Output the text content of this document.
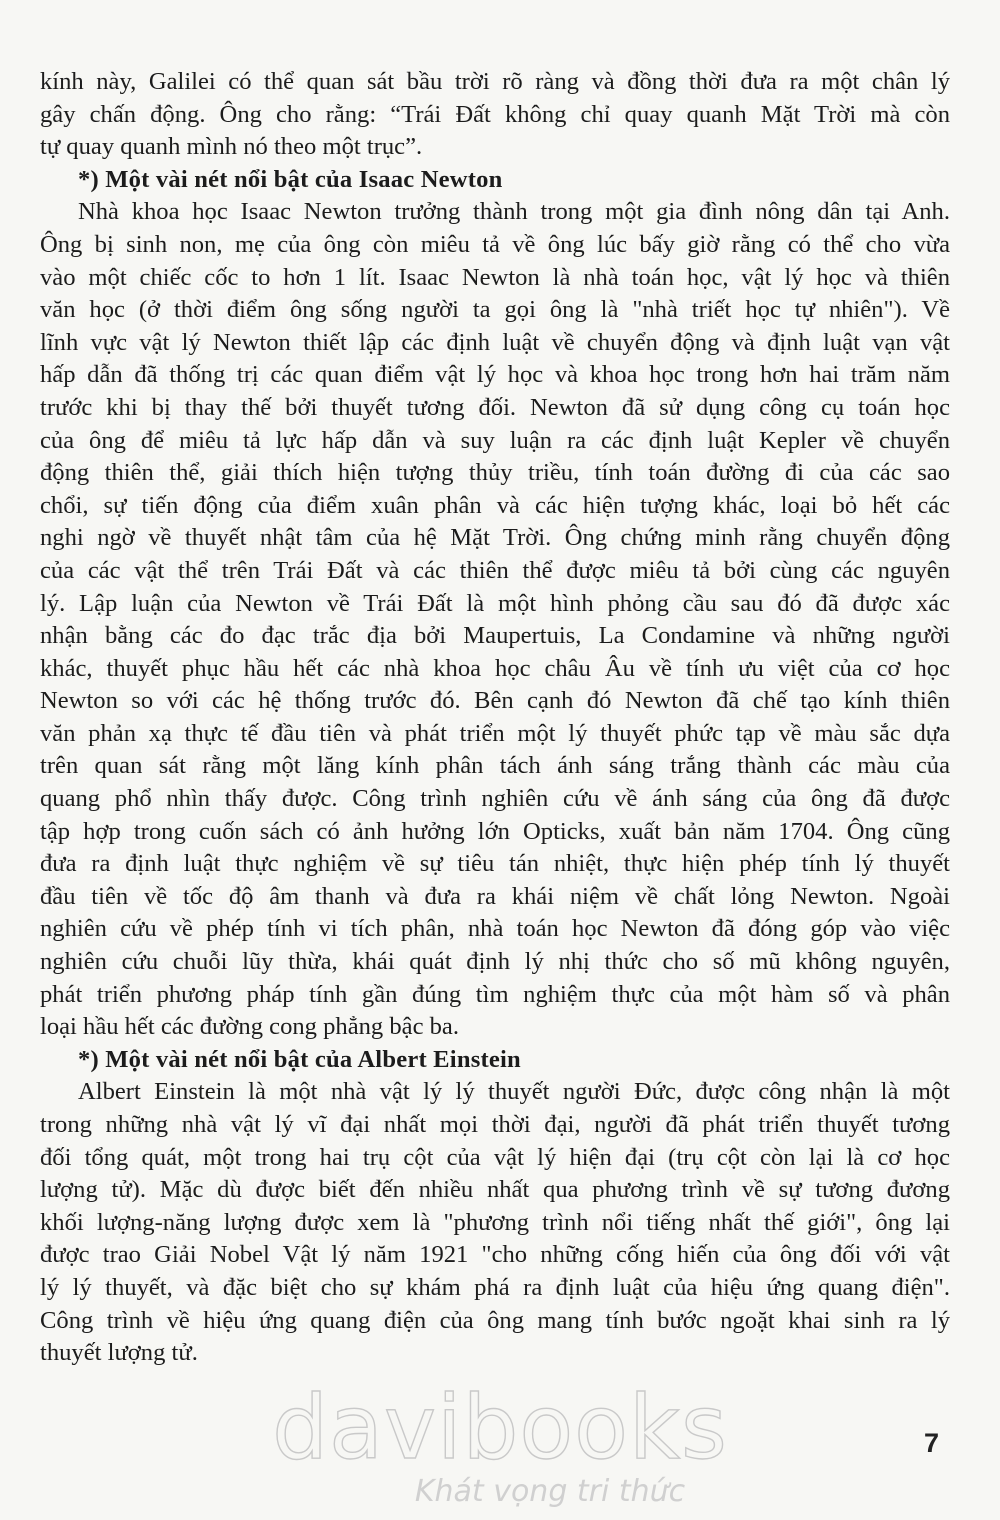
kính này, Galilei có thể quan sát bầu trời rõ ràng và đồng thời đưa ra một chân lý
gây chấn động. Ông cho rằng: “Trái Đất không chỉ quay quanh Mặt Trời mà còn
tự quay quanh mình nó theo một trục”.
*) Một vài nét nổi bật của Isaac Newton
Nhà khoa học Isaac Newton trưởng thành trong một gia đình nông dân tại Anh.
Ông bị sinh non, mẹ của ông còn miêu tả về ông lúc bấy giờ rằng có thể cho vừa
vào một chiếc cốc to hơn 1 lít. Isaac Newton là nhà toán học, vật lý học và thiên
văn học (ở thời điểm ông sống người ta gọi ông là "nhà triết học tự nhiên"). Về
lĩnh vực vật lý Newton thiết lập các định luật về chuyển động và định luật vạn vật
hấp dẫn đã thống trị các quan điểm vật lý học và khoa học trong hơn hai trăm năm
trước khi bị thay thế bởi thuyết tương đối. Newton đã sử dụng công cụ toán học
của ông để miêu tả lực hấp dẫn và suy luận ra các định luật Kepler về chuyển
động thiên thể, giải thích hiện tượng thủy triều, tính toán đường đi của các sao
chổi, sự tiến động của điểm xuân phân và các hiện tượng khác, loại bỏ hết các
nghi ngờ về thuyết nhật tâm của hệ Mặt Trời. Ông chứng minh rằng chuyển động
của các vật thể trên Trái Đất và các thiên thể được miêu tả bởi cùng các nguyên
lý. Lập luận của Newton về Trái Đất là một hình phỏng cầu sau đó đã được xác
nhận bằng các đo đạc trắc địa bởi Maupertuis, La Condamine và những người
khác, thuyết phục hầu hết các nhà khoa học châu Âu về tính ưu việt của cơ học
Newton so với các hệ thống trước đó. Bên cạnh đó Newton đã chế tạo kính thiên
văn phản xạ thực tế đầu tiên và phát triển một lý thuyết phức tạp về màu sắc dựa
trên quan sát rằng một lăng kính phân tách ánh sáng trắng thành các màu của
quang phổ nhìn thấy được. Công trình nghiên cứu về ánh sáng của ông đã được
tập hợp trong cuốn sách có ảnh hưởng lớn Opticks, xuất bản năm 1704. Ông cũng
đưa ra định luật thực nghiệm về sự tiêu tán nhiệt, thực hiện phép tính lý thuyết
đầu tiên về tốc độ âm thanh và đưa ra khái niệm về chất lỏng Newton. Ngoài
nghiên cứu về phép tính vi tích phân, nhà toán học Newton đã đóng góp vào việc
nghiên cứu chuỗi lũy thừa, khái quát định lý nhị thức cho số mũ không nguyên,
phát triển phương pháp tính gần đúng tìm nghiệm thực của một hàm số và phân
loại hầu hết các đường cong phẳng bậc ba.
*) Một vài nét nổi bật của Albert Einstein
Albert Einstein là một nhà vật lý lý thuyết người Đức, được công nhận là một
trong những nhà vật lý vĩ đại nhất mọi thời đại, người đã phát triển thuyết tương
đối tổng quát, một trong hai trụ cột của vật lý hiện đại (trụ cột còn lại là cơ học
lượng tử). Mặc dù được biết đến nhiều nhất qua phương trình về sự tương đương
khối lượng-năng lượng được xem là "phương trình nổi tiếng nhất thế giới", ông lại
được trao Giải Nobel Vật lý năm 1921 "cho những cống hiến của ông đối với vật
lý lý thuyết, và đặc biệt cho sự khám phá ra định luật của hiệu ứng quang điện".
Công trình về hiệu ứng quang điện của ông mang tính bước ngoặt khai sinh ra lý
thuyết lượng tử.
davibooks
Khát vọng tri thức
7
